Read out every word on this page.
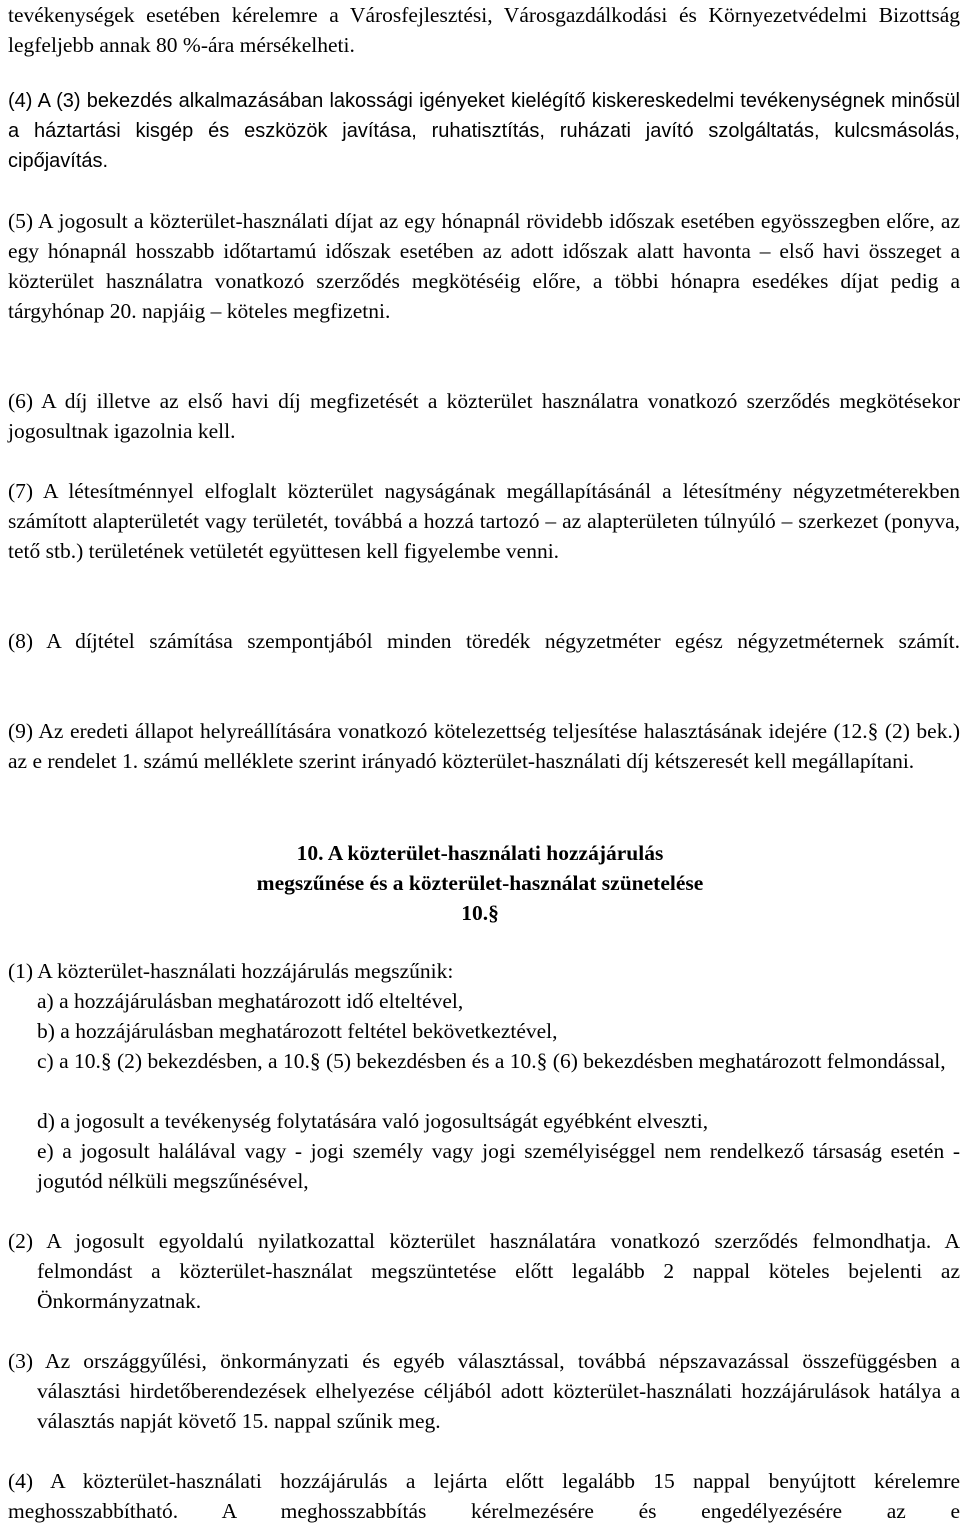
tevékenységek esetében kérelemre a Városfejlesztési, Városgazdálkodási és Környezetvédelmi Bizottság legfeljebb annak 80 %-ára mérsékelheti.

(4) A (3) bekezdés alkalmazásában lakossági igényeket kielégítő kiskereskedelmi tevékenységnek minősül a háztartási kisgép és eszközök javítása, ruhatisztítás, ruházati javító szolgáltatás, kulcsmásolás, cipőjavítás.

(5) A jogosult a közterület-használati díjat az egy hónapnál rövidebb időszak esetében egyösszegben előre, az egy hónapnál hosszabb időtartamú időszak esetében az adott időszak alatt havonta – első havi összeget a közterület használatra vonatkozó szerződés megkötéséig előre, a többi hónapra esedékes díjat pedig a tárgyhónap 20. napjáig – köteles megfizetni.

(6) A díj illetve az első havi díj megfizetését a közterület használatra vonatkozó szerződés megkötésekor jogosultnak igazolnia kell.

(7) A létesítménnyel elfoglalt közterület nagyságának megállapításánál a létesítmény négyzetméterekben számított alapterületét vagy területét, továbbá a hozzá tartozó – az alapterületen túlnyúló – szerkezet (ponyva, tető stb.) területének vetületét együttesen kell figyelembe venni.

(8) A díjtétel számítása szempontjából minden töredék négyzetméter egész négyzetméternek számít.

(9) Az eredeti állapot helyreállítására vonatkozó kötelezettség teljesítése halasztásának idejére (12.§ (2) bek.) az e rendelet 1. számú melléklete szerint irányadó közterület-használati díj kétszeresét kell megállapítani.

10. A közterület-használati hozzájárulás

megszűnése és a közterület-használat szünetelése

10.§

(1) A közterület-használati hozzájárulás megszűnik:

a) a hozzájárulásban meghatározott idő elteltével,

b) a hozzájárulásban meghatározott feltétel bekövetkeztével,

c) a 10.§ (2) bekezdésben, a 10.§ (5) bekezdésben és a 10.§ (6) bekezdésben meghatározott felmondással,

d) a jogosult a tevékenység folytatására való jogosultságát egyébként elveszti,

e) a jogosult halálával vagy - jogi személy vagy jogi személyiséggel nem rendelkező társaság esetén - jogutód nélküli megszűnésével,

(2) A jogosult egyoldalú nyilatkozattal közterület használatára vonatkozó szerződés felmondhatja. A felmondást a közterület-használat megszüntetése előtt legalább 2 nappal köteles bejelenti az Önkormányzatnak.

(3) Az országgyűlési, önkormányzati és egyéb választással, továbbá népszavazással összefüggésben a választási hirdetőberendezések elhelyezése céljából adott közterület-használati hozzájárulások hatálya a választás napját követő 15. nappal szűnik meg.

(4) A közterület-használati hozzájárulás a lejárta előtt legalább 15 nappal benyújtott kérelemre meghosszabbítható. A meghosszabbítás kérelmezésére és engedélyezésére az e
